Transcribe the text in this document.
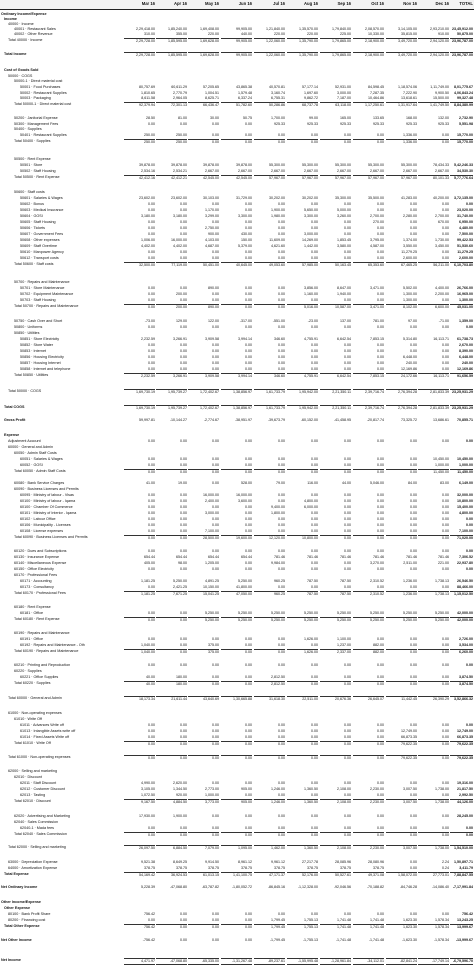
Mar 16	Apr 16	May 16	Jun 16	Jul 16	Aug 16	Sep 16	Oct 16	Nov 16	Dec 16 TOTAL
Ordinary Income/Expense
Income
40000 · Income
40001 · Restaurant Sales	2,29,418.00	1,85,240.00	1,69,408.00	99,905.00	1,21,840.00	1,35,570.00	1,79,840.00	2,08,570.00	3,14,105.00	2,93,210.00 23,45,912.00
40002 · Other Revenue	310.00	355.00	220.00	440.00	220.00	220.00	225.00	10,330.00	35,815.00	910.00	50,875.00
Total 40000 · Income	2,29,728.00	1,85,595.00	1,69,628.00	99,905.00	1,22,060.00	1,35,790.00	1,79,865.00	2,18,900.00	3,49,720.00	2,94,120.00 23,96,787.00
Total Income	2,29,728.00	1,85,595.00	1,69,628.00	99,905.00	1,22,060.00	1,35,790.00	1,79,865.00	2,18,900.00	3,49,720.00	2,94,120.00 23,96,787.00
Cost of Goods Sold
50000 · COGS
50000-1 · Direct material cost
50001 · Food Purchases	80,757.69	60,611.29	57,205.65	43,865.38	40,570.81	57,177.14	52,931.00	84,598.45	1,18,574.06	1,11,749.00	8,01,775.67
50002 · Restaurant Supplies	1,810.65	2,770.79	1,004.51	1,579.48	3,160.74	1,697.60	3,000.00	7,287.35	7,222.90	9,900.50	4,06,843.24
50003 · Packaging	8,611.58	2,964.05	8,625.71	6,337.24	6,755.31	9,862.72	7,187.00	10,464.86	13,618.61	15,500.00	99,327.48
Total 50000-1 · Direct material cost	92,379.94	72,301.13	66,436.47	51,782.60	50,286.86	68,737.78	63,118.00	1,17,250.61	1,31,917.64	1,41,749.50	8,84,380.99
50200 · Janitorial Expense	28.50	81.00	30.00	50.75	1,700.00	99.00	165.00	133.65	168.00	132.00	2,732.90
50300 · Management Fees	0.00	0.00	0.00	0.00	925.33	925.33	925.33	925.33	925.33	925.33	5,551.98
50400 · Supplies
50401 · Restaurant Supplies	250.00	250.00	0.00	0.00	0.00	0.00	0.00	0.00	1,336.00	0.00	15,770.00
Total 50400 · Supplies	250.00	250.00	0.00	0.00	0.00	0.00	0.00	0.00	1,336.00	0.00	15,770.00
50500 · Rent Expense
50501 · Store	39,878.00	39,878.00	39,878.00	39,878.00	55,300.00	55,300.00	55,300.00	55,300.00	55,300.00	78,434.33	5,42,246.33
50502 · Staff Housing	2,534.16	2,534.21	2,667.00	2,667.00	2,667.00	2,667.00	2,667.00	2,667.00	2,667.00	2,667.00	34,530.30
Total 50500 · Rent Expense	42,412.16	42,412.21	42,545.00	42,545.00	57,967.00	57,967.00	57,967.00	57,967.00	57,967.00	80,101.33	5,77,776.64
50600 · Staff costs
50601 · Salaries & Wages	23,602.00	23,602.00	30,103.00	31,729.00	30,202.00	30,202.00	35,300.00	35,500.00	41,283.00	40,200.00	3,72,135.00
50602 · Bonus	0.00	0.00	0.00	0.00	0.00	0.00	0.00	0.00	0.00	0.00	0.00
50603 · Medical Insurance	0.00	0.00	1,170.00	0.00	1,900.00	5,650.00	5,000.00	0.00	0.00	0.00	23,020.00
50604 · GOSI	3,180.00	3,180.00	3,299.00	3,300.00	1,980.00	3,300.00	3,260.00	2,700.00	2,280.00	2,700.00	31,740.00
50605 · Staff Housing	0.00	0.00	0.00	0.00	0.00	0.00	0.00	270.00	0.00	670.00	6,950.00
50606 · Tickets	0.00	0.00	2,750.00	0.00	0.00	0.00	0.00	0.00	0.00	0.00	4,480.00
50607 · Government Fees	0.00	0.00	900.00	430.00	0.00	3,000.00	0.00	0.00	0.00	0.00	7,500.00
50608 · Other expenses	1,006.00	16,000.00	4,103.00	150.00	11,609.00	14,269.00	1,853.45	3,795.00	1,374.00	1,730.00	99,422.53
50609 · Staff Overtime	4,402.00	4,402.00	4,687.00	5,379.00	4,621.60	1,442.00	3,580.00	4,587.00	3,550.00	3,450.00	51,530.60
50610 · Manpower Agency	0.00	0.00	0.00	0.00	0.00	0.00	0.00	0.00	11,279.25	0.00	11,279.25
50612 · Transport costs	0.00	0.00	0.00	0.00	0.00	0.00	0.00	0.00	2,600.00	0.00	2,600.00
Total 50600 · Staff costs	32,500.00	77,119.00	50,451.00	40,645.00	49,053.60	57,985.00	50,163.45	65,353.60	67,465.25	56,211.00	6,10,703.80
50700 · Repairs and Maintenance
50701 · Store Maintenance	0.00	0.00	890.00	0.00	0.00	3,856.00	8,647.00	3,471.00	5,502.00	4,400.00	26,766.00
50702 · Equipment Maintenance	0.00	200.00	0.00	0.00	0.00	1,160.00	1,940.00	0.00	1,300.00	2,200.00	16,965.00
50703 · Staff Housing	0.00	0.00	0.00	0.00	0.00	0.00	0.00	0.00	1,300.00	0.00	1,300.00
Total 50700 · Repairs and Maintenance	0.00	200.00	890.00	0.00	0.00	5,016.00	10,587.00	3,471.00	8,102.00	6,600.00	45,031.00
50750 · Cash Over and Short	-73.00	129.00	122.00	-317.00	-551.00	-23.00	137.00	781.00	97.00	-71.00	1,359.00
50800 · Uniforms	0.00	0.00	0.00	0.00	0.00	0.00	0.00	0.00	0.00	0.00	0.00
50850 · Utilities
50851 · Store Electricity	2,232.59	3,266.91	3,909.58	3,994.14	346.60	4,755.91	6,642.54	7,853.15	5,314.80	16,113.71	61,738.73
50852 · Store Water	0.00	0.00	0.00	0.00	0.00	0.00	0.00	0.00	0.00	0.00	2,670.00
50853 · Internet	0.00	0.00	0.00	0.00	0.00	0.00	0.00	0.00	0.00	0.00	8,390.00
50856 · Housing Electricity	0.00	0.00	0.00	0.00	0.00	0.00	0.00	0.00	6,448.00	0.00	6,448.00
50857 · Housing Internet	0.00	0.00	0.00	0.00	0.00	0.00	0.00	0.00	240.00	0.00	240.00
50858 · Internet and telephone	0.00	0.00	0.00	0.00	0.00	0.00	0.00	0.00	12,169.86	0.00	12,169.86
Total 50850 · Utilities	2,232.59	3,266.91	3,909.58	3,994.14	346.60	4,755.91	6,642.54	7,853.15	24,172.66	16,113.71	91,656.59
Total 50000 · COGS	1,69,730.19	1,95,739.27	1,72,402.67	1,38,856.97	1,61,733.79	1,95,942.00	2,21,350.11	2,39,716.74	2,76,394.28	2,81,833.39 23,25,931.29
Total COGS	1,69,730.19	1,95,739.27	1,72,402.67	1,38,856.97	1,61,733.79	1,95,942.00	2,21,350.11	2,39,716.74	2,76,394.28	2,81,833.39 23,25,931.29
Gross Profit	59,997.81	-10,144.27	-2,774.67	-38,951.97	-39,673.79	-60,152.00	-41,458.95	-20,817.74	73,325.72	13,686.61	70,855.71
Expense
Adjustment Account	0.00	0.00	0.00	0.00	0.00	0.00	0.00	0.00	0.00	0.00	0.00
60000 · General and Admin
60050 · Admin Staff Costs
60051 · Salaries & Wages	0.00	0.00	0.00	0.00	0.00	0.00	0.00	0.00	0.00	10,450.00	10,450.00
60052 · GOSI	0.00	0.00	0.00	0.00	0.00	0.00	0.00	0.00	0.00	1,000.00	1,000.00
Total 60050 · Admin Staff Costs	0.00	0.00	0.00	0.00	0.00	0.00	0.00	0.00	0.00	11,450.00	11,450.00
60080 · Bank Service Charges	41.00	19.00	0.00	528.00	79.00	116.00	44.00	5,046.00	84.00	83.00	6,149.00
60090 · Business Licenses and Permits
60095 · Ministry of labour - Visas	0.00	0.00	16,000.00	16,000.00	0.00	0.00	0.00	0.00	0.00	0.00	32,000.00
60100 · Ministry of labour - Iqama	0.00	0.00	2,400.00	3,600.00	0.00	4,800.00	0.00	0.00	0.00	0.00	10,800.00
60100 · Chamber Of Commerce	0.00	0.00	0.00	0.00	9,400.00	6,000.00	0.00	0.00	0.00	0.00	15,400.00
60101 · Ministry of Interior - Iqama	0.00	0.00	3,000.00	0.00	1,800.00	0.00	0.00	0.00	0.00	0.00	4,800.00
60102 · Labour Office	0.00	0.00	0.00	0.00	0.00	0.00	0.00	0.00	0.00	0.00	0.00
60106 · Municipality - Licenses	0.00	0.00	0.00	0.00	0.00	0.00	0.00	0.00	0.00	0.00	0.00
60108 · License expenses	0.00	0.00	7,100.00	0.00	0.00	0.00	0.00	0.00	0.00	0.00	7,100.00
Total 60090 · Business Licenses and Permits	0.00	0.00	28,500.00	19,600.00	12,120.00	10,800.00	0.00	0.00	0.00	0.00	71,020.00
60120 · Dues and Subscriptions	0.00	0.00	0.00	0.00	0.00	0.00	0.00	0.00	0.00	0.00	0.00
60130 · Insurance Expense	654.44	654.44	654.44	654.44	781.46	781.46	781.46	781.46	781.46	781.46	7,306.52
60140 · Miscellaneous Expense	405.00	98.00	1,205.00	0.00	9,984.00	0.00	0.00	3,270.00	2,511.00	221.00	22,937.80
60150 · Office Electricity	0.00	0.00	0.00	0.00	0.00	0.00	0.00	0.00	0.00	0.00	0.00
60170 · Professional Fees
60171 · Accounting	1,181.25	5,250.00	4,891.25	5,250.00	960.25	787.50	787.50	2,310.52	1,236.00	1,738.13	26,546.50
60173 · Consultancy	0.00	2,421.25	10,150.00	41,800.00	0.00	0.00	0.00	0.00	0.00	0.00	88,466.00
Total 60170 · Professional Fees	1,181.25	7,671.25	15,041.25	47,050.00	960.25	787.50	787.50	2,310.52	1,236.00	1,738.13	1,15,012.50
60180 · Rent Expense
60181 · Office	0.00	0.00	5,250.00	5,250.00	5,250.00	5,250.00	5,250.00	5,250.00	5,250.00	5,250.00	42,000.00
Total 60180 · Rent Expense	0.00	0.00	5,250.00	5,250.00	5,250.00	5,250.00	5,250.00	5,250.00	5,250.00	5,250.00	42,000.00
60190 · Repairs and Maintenance
60191 · Office	0.00	0.00	0.00	0.00	0.00	1,626.00	1,100.00	0.00	0.00	0.00	2,726.00
60192 · Repairs and Maintenance - Oth	1,040.00	0.00	375.00	0.00	0.00	0.00	1,237.00	882.00	0.00	0.00	3,534.00
Total 60190 · Repairs and Maintenance	1,040.00	0.00	375.00	0.00	0.00	1,626.00	2,337.00	882.00	0.00	0.00	6,260.00
60210 · Printing and Reproduction	0.00	0.00	0.00	0.00	0.00	0.00	0.00	0.00	0.00	0.00	0.00
60220 · Supplies
60221 · Office Supplies	40.00	180.00	0.00	0.00	2,812.50	0.00	0.00	0.00	0.00	0.00	3,874.50
Total 60220 · Supplies	40.00	180.00	0.00	0.00	2,812.50	0.00	0.00	0.00	0.00	0.00	3,874.50
Total 60000 · General and Admin	18,173.34	21,611.44	43,640.69	1,30,665.88	31,618.30	22,511.00	20,676.36	26,645.07	11,442.45	26,390.29	3,52,866.32
61000 · Non-operating expenses
61010 · Write Off
61011 · Advances Write off	0.00	0.00	0.00	0.00	0.00	0.00	0.00	0.00	0.00	0.00	0.00
61013 · Intangible Assets write off	0.00	0.00	0.00	0.00	0.00	0.00	0.00	0.00	12,749.00	0.00	12,749.00
61014 · Fixed Assets Write off	0.00	0.00	0.00	0.00	0.00	0.00	0.00	0.00	66,873.35	0.00	66,873.35
Total 61010 · Write Off	0.00	0.00	0.00	0.00	0.00	0.00	0.00	0.00	79,622.35	0.00	79,622.35
Total 61000 · Non-operating expenses	0.00	0.00	0.00	0.00	0.00	0.00	0.00	0.00	79,622.35	0.00	79,622.35
62000 · Selling and marketing
62010 · Discount
62011 · Staff Discount	4,990.00	2,620.00	0.00	0.00	0.00	0.00	0.00	0.00	0.00	0.00	19,316.00
62012 · Customer Discount	3,105.00	1,344.50	2,773.00	905.00	1,246.00	1,360.50	2,108.00	2,230.00	3,007.50	1,738.00	21,817.50
62013 · Tasting	1,072.50	920.00	1,000.00	0.00	0.00	0.00	0.00	0.00	0.00	0.00	2,992.50
Total 62010 · Discount	9,167.50	4,884.50	3,773.00	905.00	1,246.00	1,360.50	2,108.00	2,230.00	3,007.50	1,738.00	44,126.00
62020 · Advertising and Marketing	17,930.00	1,900.00	0.00	0.00	0.00	0.00	0.00	0.00	0.00	0.00	28,245.00
62040 · Sales Commission
62040-1 · Mada fees	0.00	0.00	0.00	0.00	0.00	0.00	0.00	0.00	0.00	0.00	0.00
Total 62040 · Sales Commission	0.00	0.00	0.00	0.00	0.00	0.00	0.00	0.00	0.00	0.00	0.00
Total 62000 · Selling and marketing	26,097.50	6,884.50	7,079.00	1,095.00	1,462.00	1,360.50	2,108.00	2,230.00	3,007.50	1,738.00	1,54,510.00
63000 · Depreciation Expense	9,521.38	8,649.25	9,914.50	8,961.12	9,961.12	27,217.78	28,085.96	28,080.96	0.00	2.24	1,50,897.71
64000 · Amortization Expense	378.75	378.75	378.75	378.75	378.75	378.75	378.75	378.75	0.00	0.24	3,411.79
Total Expense	54,169.42	36,924.53	61,013.15	1,41,100.75	47,171.37	52,176.00	50,527.61	49,371.08	1,58,072.00	27,773.01	7,88,847.55
Net Ordinary Income	5,228.39	-47,068.80	-63,787.82	-1,80,052.72	-86,845.16	-1,12,328.00	-92,046.56	-70,188.82	-84,746.28	-14,086.40	-7,17,991.84
Other Income/Expense
Other Expense
80100 · Bank Profit Share	756.42	0.00	0.00	0.00	0.00	0.00	0.00	0.00	0.00	0.00	756.42
80200 · Financing cost	0.00	0.00	0.00	0.00	1,799.45	1,755.13	1,741.48	1,741.48	1,623.30	1,578.34	13,243.25
Total Other Expense	756.42	0.00	0.00	0.00	1,799.45	1,755.13	1,741.48	1,741.48	1,623.30	1,578.34	13,999.67
Net Other Income	-756.42	0.00	0.00	0.00	-1,799.45	-1,755.13	-1,741.48	-1,741.48	-1,623.30	-1,578.34	-13,999.67
Net Income	4,471.97	-47,068.80	-65,335.00	-1,31,267.48	-89,237.61	-1,55,995.48	-1,28,961.84	-34,112.01	-82,841.24	-17,749.14	-6,79,596.70
